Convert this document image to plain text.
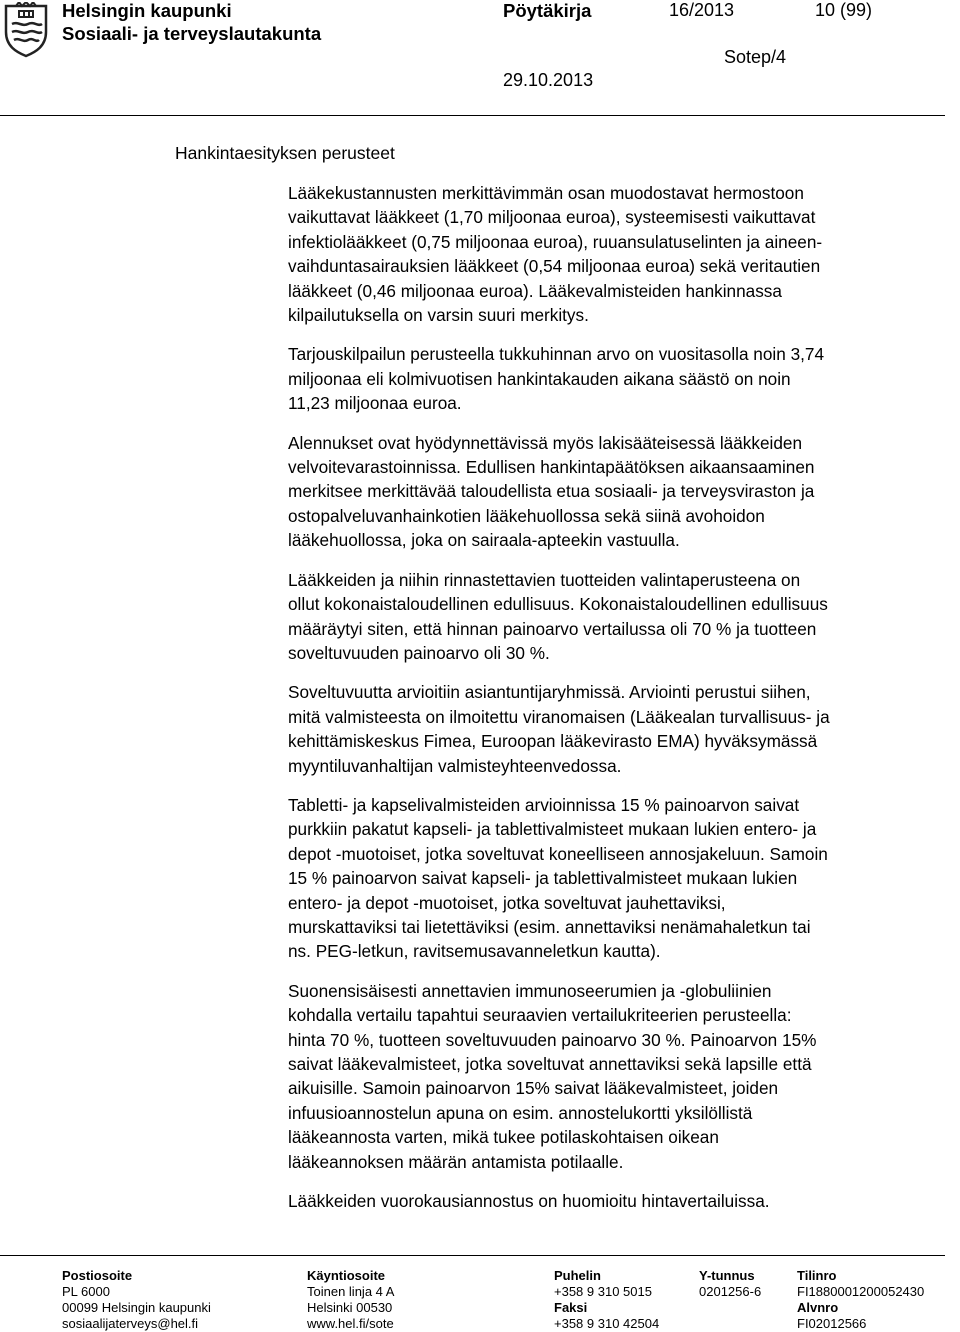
Helsingin kaupunki
Sosiaali- ja terveyslautakunta
Pöytäkirja	16/2013	10 (99)
Sotep/4
29.10.2013
Hankintaesityksen perusteet

Lääkekustannusten merkittävimmän osan muodostavat hermostoon
vaikuttavat lääkkeet (1,70 miljoonaa euroa), systeemisesti vaikuttavat
infektiolääkkeet (0,75 miljoonaa euroa), ruuansulatuselinten ja aineen-
vaihduntasairauksien lääkkeet (0,54 miljoonaa euroa) sekä veritautien
lääkkeet (0,46 miljoonaa euroa). Lääkevalmisteiden hankinnassa
kilpailutuksella on varsin suuri merkitys.

Tarjouskilpailun perusteella tukkuhinnan arvo on vuositasolla noin 3,74
miljoonaa eli kolmivuotisen hankintakauden aikana säästö on noin
11,23 miljoonaa euroa.

Alennukset ovat hyödynnettävissä myös lakisääteisessä lääkkeiden
velvoitevarastoinnissa. Edullisen hankintapäätöksen aikaansaaminen
merkitsee merkittävää taloudellista etua sosiaali- ja terveysviraston ja
ostopalveluvanhainkotien lääkehuollossa sekä siinä avohoidon
lääkehuollossa, joka on sairaala-apteekin vastuulla.

Lääkkeiden ja niihin rinnastettavien tuotteiden valintaperusteena on
ollut kokonaistaloudellinen edullisuus. Kokonaistaloudellinen edullisuus
määräytyi siten, että hinnan painoarvo vertailussa oli 70 % ja tuotteen
soveltuvuuden painoarvo oli 30 %.

Soveltuvuutta arvioitiin asiantuntijaryhmissä. Arviointi perustui siihen,
mitä valmisteesta on ilmoitettu viranomaisen (Lääkealan turvallisuus- ja
kehittämiskeskus Fimea, Euroopan lääkevirasto EMA) hyväksymässä
myyntiluvanhaltijan valmisteyhteenvedossa.

Tabletti- ja kapselivalmisteiden arvioinnissa 15 % painoarvon saivat
purkkiin pakatut kapseli- ja tablettivalmisteet mukaan lukien entero- ja
depot -muotoiset, jotka soveltuvat koneelliseen annosjakeluun. Samoin
15 % painoarvon saivat kapseli- ja tablettivalmisteet mukaan lukien
entero- ja depot -muotoiset, jotka soveltuvat jauhettaviksi,
murskattaviksi tai lietettäviksi (esim. annettaviksi nenämahaletkun tai
ns. PEG-letkun, ravitsemusavanneletkun kautta).

Suonensisäisesti annettavien immunoseerumien ja -globuliinien
kohdalla vertailu tapahtui seuraavien vertailukriteerien perusteella:
hinta 70 %, tuotteen soveltuvuuden painoarvo 30 %. Painoarvon 15%
saivat lääkevalmisteet, jotka soveltuvat annettaviksi sekä lapsille että
aikuisille. Samoin painoarvon 15% saivat lääkevalmisteet, joiden
infuusioannostelun apuna on esim. annostelukortti yksilöllistä
lääkeannosta varten, mikä tukee potilaskohtaisen oikean
lääkeannoksen määrän antamista potilaalle.

Lääkkeiden vuorokausiannostus on huomioitu hintavertailuissa.

Postiosoite
PL 6000
00099 Helsingin kaupunki
sosiaalijaterveys@hel.fi
Käyntiosoite
Toinen linja 4 A
Helsinki 00530
www.hel.fi/sote
Puhelin
+358 9 310 5015
Faksi
+358 9 310 42504
Y-tunnus
0201256-6
Tilinro
FI1880001200052430
Alvnro
FI02012566
